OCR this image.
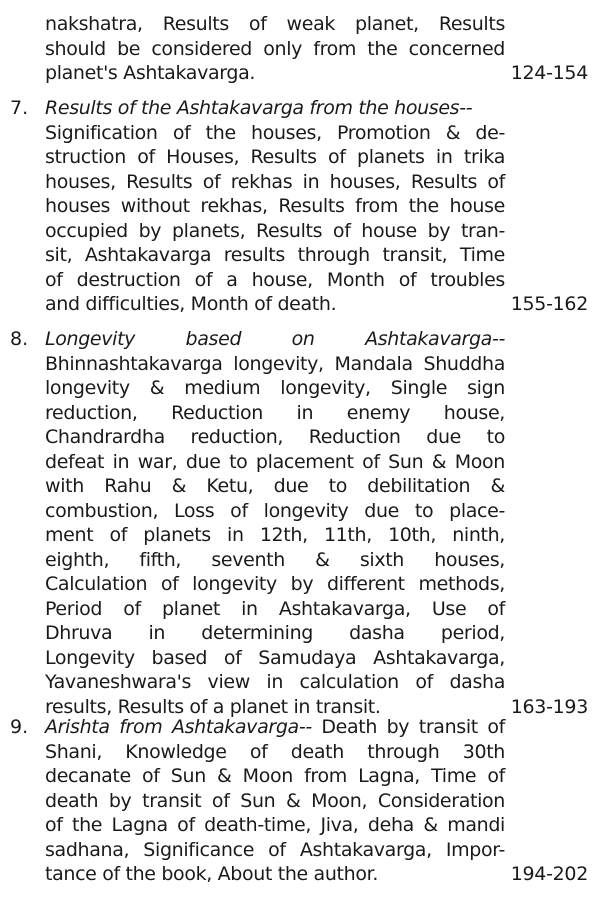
nakshatra, Results of weak planet, Results
should be considered only from the concerned
planet's Ashtakavarga.	124-154
7. Results of the Ashtakavarga from the houses--
Signification of the houses, Promotion & de-
struction of Houses, Results of planets in trika
houses, Results of rekhas in houses, Results of
houses without rekhas, Results from the house
occupied by planets, Results of house by tran-
sit, Ashtakavarga results through transit, Time
of destruction of a house, Month of troubles
and difficulties, Month of death.	155-162
8. Longevity based on Ashtakavarga--
Bhinnashtakavarga longevity, Mandala Shuddha
longevity & medium longevity, Single sign
reduction, Reduction in enemy house,
Chandrardha reduction, Reduction due to
defeat in war, due to placement of Sun & Moon
with Rahu & Ketu, due to debilitation &
combustion, Loss of longevity due to place-
ment of planets in 12th, 11th, 10th, ninth,
eighth, fifth, seventh & sixth houses,
Calculation of longevity by different methods,
Period of planet in Ashtakavarga, Use of
Dhruva in determining dasha period,
Longevity based of Samudaya Ashtakavarga,
Yavaneshwara's view in calculation of dasha
results, Results of a planet in transit.	163-193
9. Arishta from Ashtakavarga-- Death by transit of
Shani, Knowledge of death through 30th
decanate of Sun & Moon from Lagna, Time of
death by transit of Sun & Moon, Consideration
of the Lagna of death-time, Jiva, deha & mandi
sadhana, Significance of Ashtakavarga, Impor-
tance of the book, About the author.	194-202
